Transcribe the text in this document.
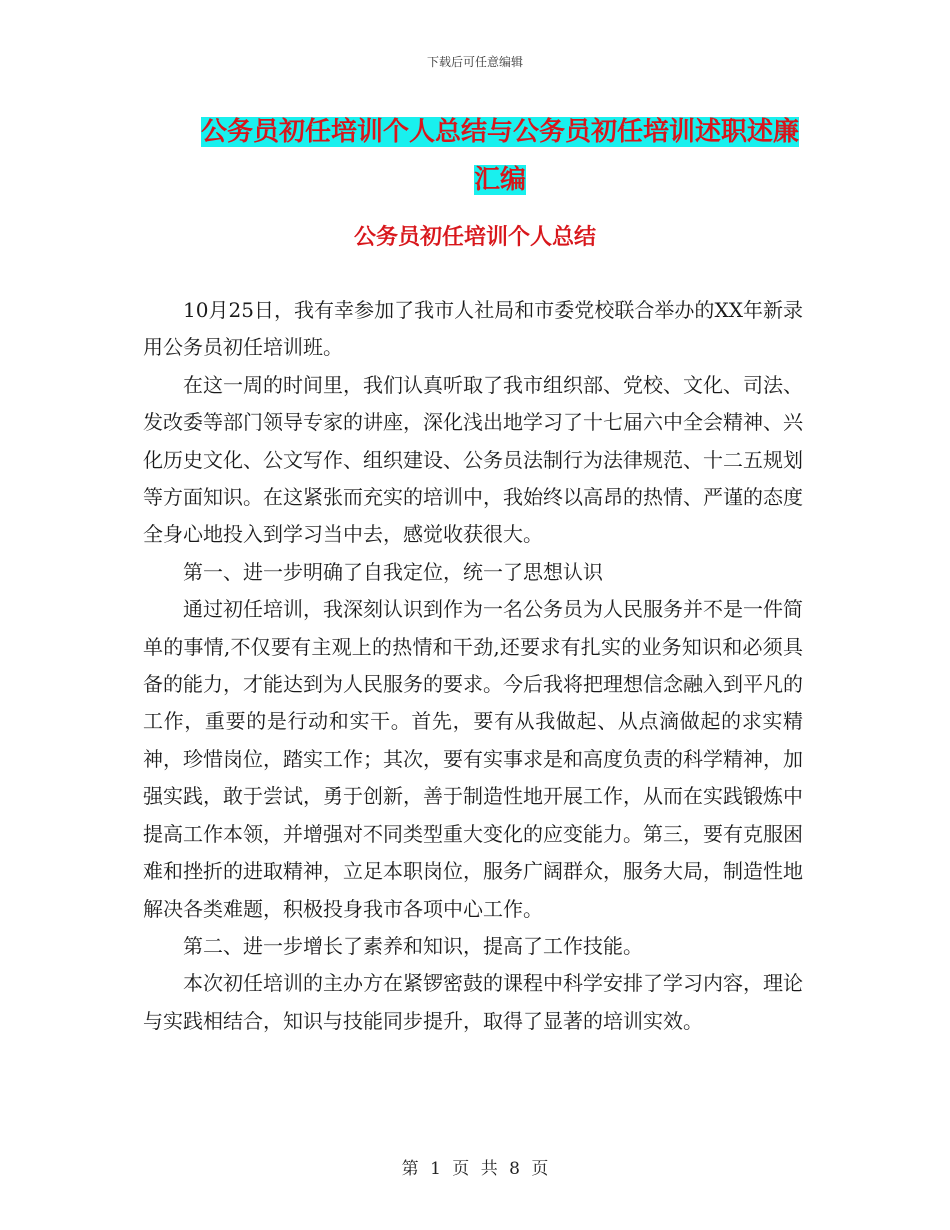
下载后可任意编辑
公务员初任培训个人总结与公务员初任培训述职述廉汇编
公务员初任培训个人总结

10月25日，我有幸参加了我市人社局和市委党校联合举办的XX年新录用公务员初任培训班。

在这一周的时间里，我们认真听取了我市组织部、党校、文化、司法、发改委等部门领导专家的讲座，深化浅出地学习了十七届六中全会精神、兴化历史文化、公文写作、组织建设、公务员法制行为法律规范、十二五规划等方面知识。在这紧张而充实的培训中，我始终以高昂的热情、严谨的态度全身心地投入到学习当中去，感觉收获很大。

第一、进一步明确了自我定位，统一了思想认识

通过初任培训，我深刻认识到作为一名公务员为人民服务并不是一件简单的事情,不仅要有主观上的热情和干劲,还要求有扎实的业务知识和必须具备的能力，才能达到为人民服务的要求。今后我将把理想信念融入到平凡的工作，重要的是行动和实干。首先，要有从我做起、从点滴做起的求实精神，珍惜岗位，踏实工作；其次，要有实事求是和高度负责的科学精神，加强实践，敢于尝试，勇于创新，善于制造性地开展工作，从而在实践锻炼中提高工作本领，并增强对不同类型重大变化的应变能力。第三，要有克服困难和挫折的进取精神，立足本职岗位，服务广阔群众，服务大局，制造性地解决各类难题，积极投身我市各项中心工作。

第二、进一步增长了素养和知识，提高了工作技能。

本次初任培训的主办方在紧锣密鼓的课程中科学安排了学习内容，理论与实践相结合，知识与技能同步提升，取得了显著的培训实效。

第 1 页 共 8 页
